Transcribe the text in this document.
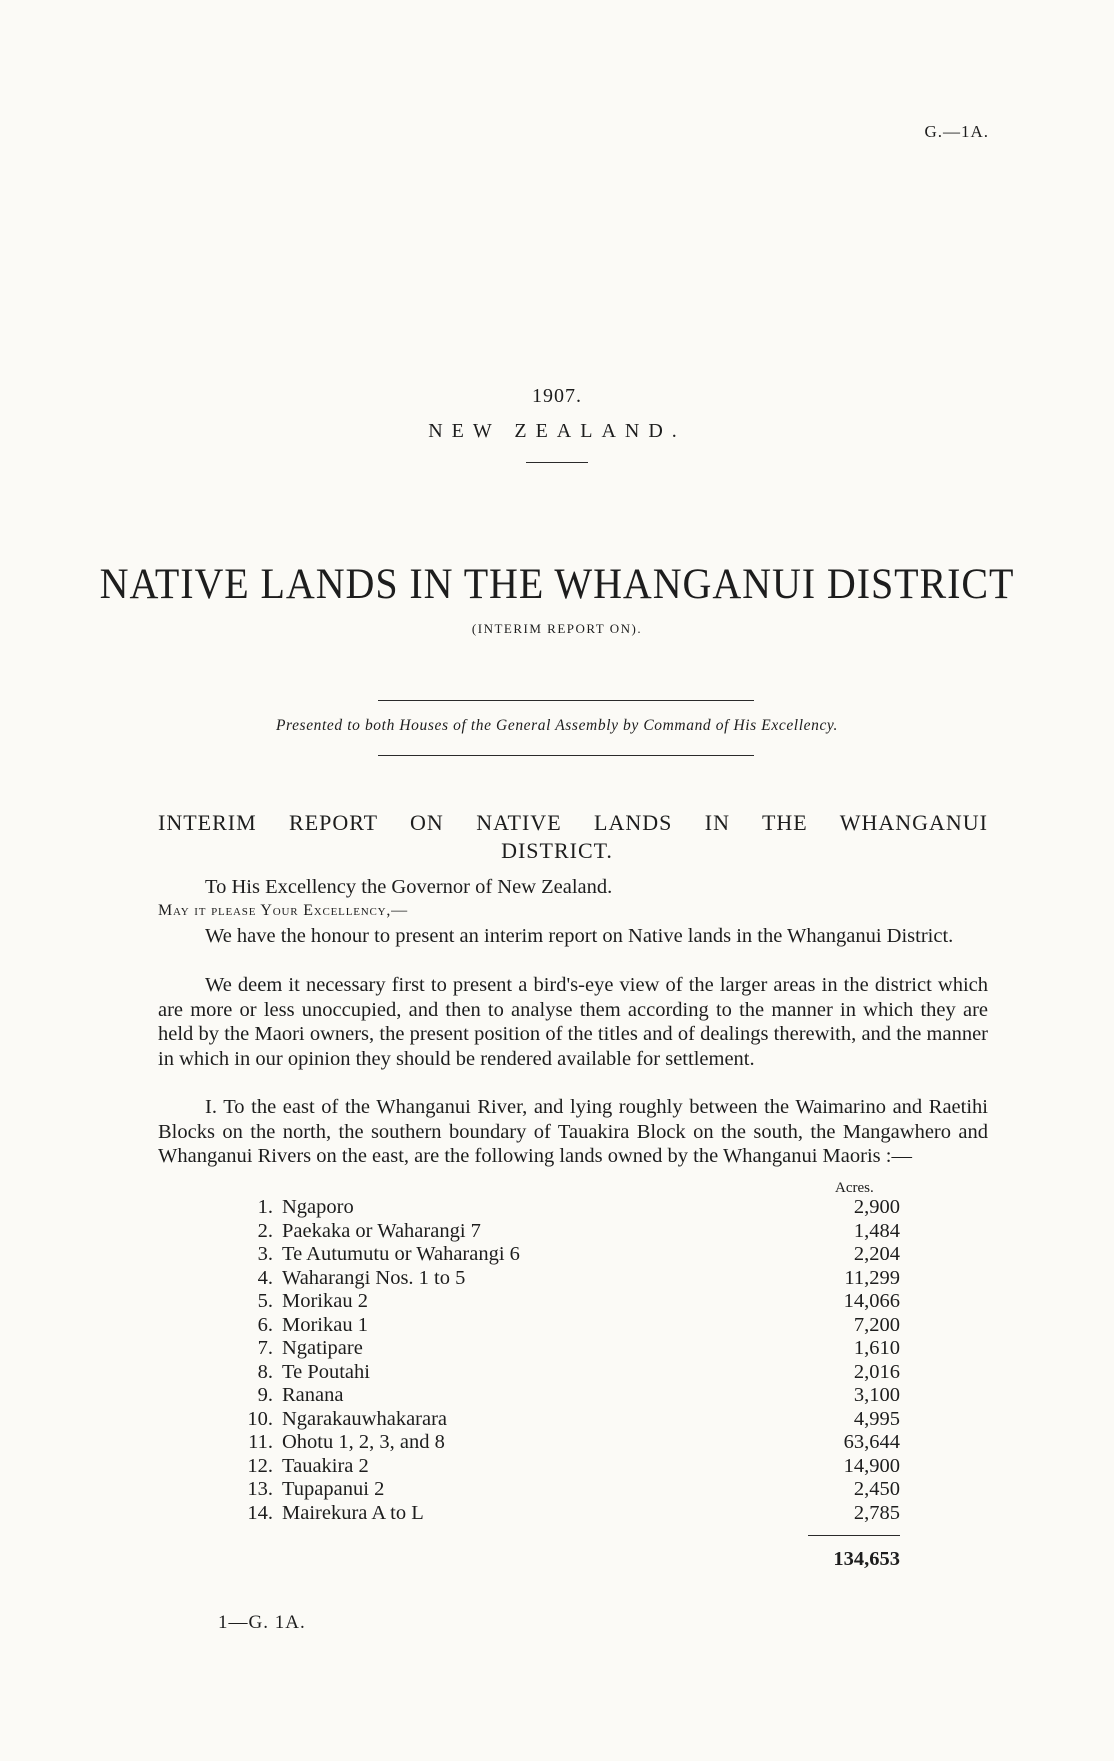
G.—1A.
1907.
NEW ZEALAND.
NATIVE LANDS IN THE WHANGANUI DISTRICT
(INTERIM REPORT ON).
Presented to both Houses of the General Assembly by Command of His Excellency.
INTERIM REPORT ON NATIVE LANDS IN THE WHANGANUI
DISTRICT.
To His Excellency the Governor of New Zealand.
May it please Your Excellency,—

We have the honour to present an interim report on Native lands in the Whanganui District.

We deem it necessary first to present a bird's-eye view of the larger areas in the district which are more or less unoccupied, and then to analyse them according to the manner in which they are held by the Maori owners, the present position of the titles and of dealings therewith, and the manner in which in our opinion they should be rendered available for settlement.

I. To the east of the Whanganui River, and lying roughly between the Waimarino and Raetihi Blocks on the north, the southern boundary of Tauakira Block on the south, the Mangawhero and Whanganui Rivers on the east, are the following lands owned by the Whanganui Maoris :—

Acres.
1. Ngaporo	2,900
2. Paekaka or Waharangi 7	1,484
3. Te Autumutu or Waharangi 6	2,204
4. Waharangi Nos. 1 to 5	11,299
5. Morikau 2	14,066
6. Morikau 1	7,200
7. Ngatipare	1,610
8. Te Poutahi	2,016
9. Ranana	3,100
10. Ngarakauwhakarara	4,995
11. Ohotu 1, 2, 3, and 8	63,644
12. Tauakira 2	14,900
13. Tupapanui 2	2,450
14. Mairekura A to L	2,785
134,653
1—G. 1A.
